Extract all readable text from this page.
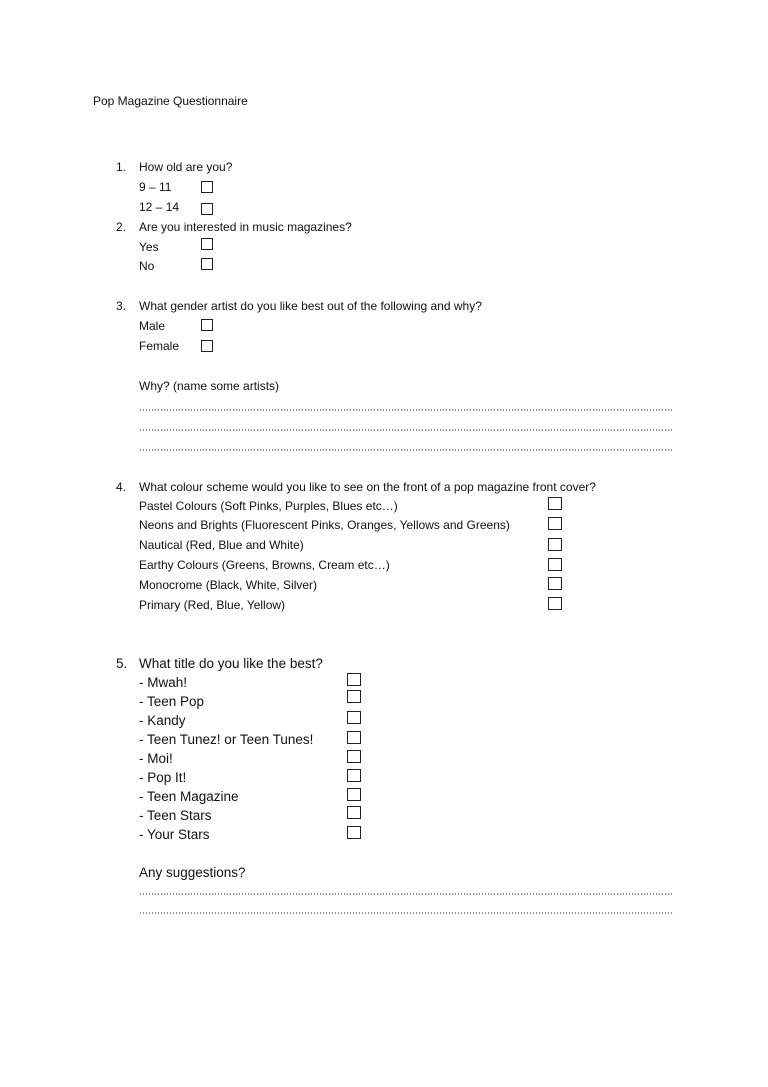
Pop Magazine Questionnaire
1. How old are you?
9 – 11
12 – 14
2. Are you interested in music magazines?
Yes
No
3. What gender artist do you like best out of the following and why?
Male
Female
Why? (name some artists)
4. What colour scheme would you like to see on the front of a pop magazine front cover?
Pastel Colours (Soft Pinks, Purples, Blues etc…)
Neons and Brights (Fluorescent Pinks, Oranges, Yellows and Greens)
Nautical (Red, Blue and White)
Earthy Colours (Greens, Browns, Cream etc…)
Monocrome (Black, White, Silver)
Primary (Red, Blue, Yellow)
5. What title do you like the best?
- Mwah!
- Teen Pop
- Kandy
- Teen Tunez! or Teen Tunes!
- Moi!
- Pop It!
- Teen Magazine
- Teen Stars
- Your Stars
Any suggestions?
